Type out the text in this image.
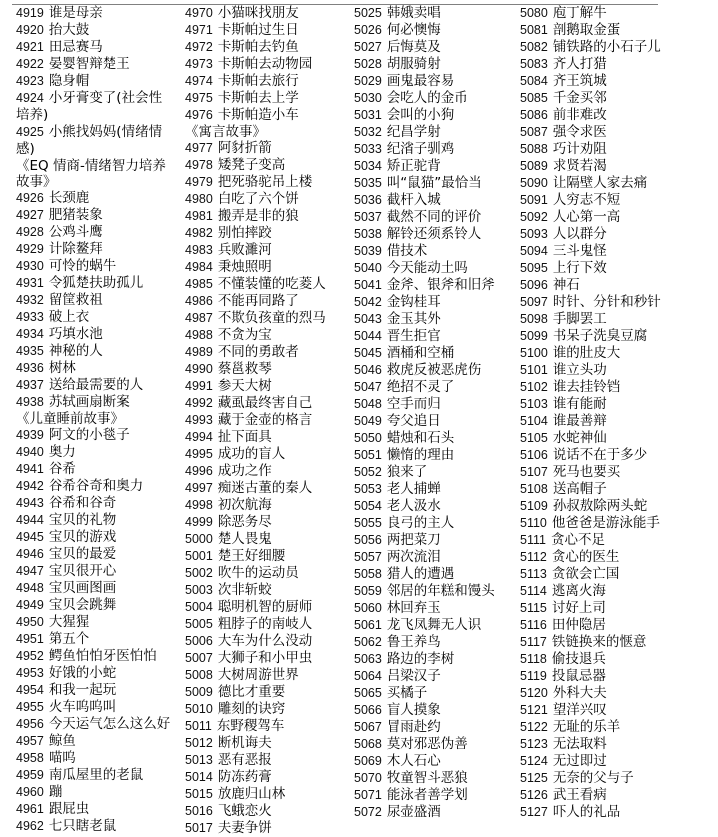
4919 谁是母亲

4920 抬大鼓

4921 田忌赛马

4922 晏婴智辩楚王

4923 隐身帽

4924 小牙膏变了(社会性培养)

4925 小熊找妈妈(情绪情感)

《EQ 情商-情绪智力培养故事》

4926 长颈鹿

4927 肥猪装象

4928 公鸡斗鹰

4929 计除鳌拜

4930 可怜的蜗牛

4931 令狐楚扶助孤儿

4932 留筐救祖

4933 破上衣

4934 巧填水池

4935 神秘的人

4936 树林

4937 送给最需要的人

4938 苏轼画扇断案

《儿童睡前故事》

4939 阿文的小毯子

4940 奥力

4941 谷希

4942 谷希谷奇和奥力

4943 谷希和谷奇

4944 宝贝的礼物

4945 宝贝的游戏

4946 宝贝的最爱

4947 宝贝很开心

4948 宝贝画图画

4949 宝贝会跳舞

4950 大猩猩

4951 第五个

4952 鳄鱼怕怕牙医怕怕

4953 好饿的小蛇

4954 和我一起玩

4955 火车呜呜叫

4956 今天运气怎么这么好

4957 鲸鱼

4958 喵呜

4959 南瓜屋里的老鼠

4960 蹦

4961 跟屁虫

4962 七只瞎老鼠

4970 小猫咪找朋友

4971 卡斯帕过生日

4972 卡斯帕去钓鱼

4973 卡斯帕去动物园

4974 卡斯帕去旅行

4975 卡斯帕去上学

4976 卡斯帕造小车

《寓言故事》

4977 阿豺折箭

4978 矮凳子变高

4979 把死骆驼吊上楼

4980 白吃了六个饼

4981 搬弄是非的狼

4982 别怕摔跤

4983 兵败濉河

4984 秉烛照明

4985 不懂装懂的吃菱人

4986 不能再同路了

4987 不欺负孩童的烈马

4988 不贪为宝

4989 不同的勇敢者

4990 蔡邕救琴

4991 参天大树

4992 藏虱最终害自己

4993 藏于金壶的格言

4994 扯下面具

4995 成功的盲人

4996 成功之作

4997 痴迷古董的秦人

4998 初次航海

4999 除恶务尽

5000 楚人畏鬼

5001 楚王好细腰

5002 吹牛的运动员

5003 次非斩蛟

5004 聪明机智的厨师

5005 粗脖子的南岐人

5006 大车为什么没动

5007 大狮子和小甲虫

5008 大树周游世界

5009 德比才重要

5010 雕刻的诀窍

5011 东野稷驾车

5012 断机诲夫

5013 恶有恶报

5014 防冻药膏

5015 放鹿归山林

5016 飞蛾恋火

5017 夫妻争饼

5025 韩娥卖唱

5026 何必懊悔

5027 后悔莫及

5028 胡服骑射

5029 画鬼最容易

5030 会吃人的金币

5031 会叫的小狗

5032 纪昌学射

5033 纪渻子驯鸡

5034 矫正驼背

5035 叫“鼠猫”最恰当

5036 截杆入城

5037 截然不同的评价

5038 解铃还须系铃人

5039 借技术

5040 今天能动土吗

5041 金斧、银斧和旧斧

5042 金钩桂耳

5043 金玉其外

5044 晋生拒官

5045 酒桶和空桶

5046 救虎反被恶虎伤

5047 绝招不灵了

5048 空手而归

5049 夸父追日

5050 蜡烛和石头

5051 懒惰的理由

5052 狼来了

5053 老人捕蝉

5054 老人汲水

5055 良弓的主人

5056 两把菜刀

5057 两次流泪

5058 猎人的遭遇

5059 邻居的年糕和馒头

5060 林回弃玉

5061 龙飞凤舞无人识

5062 鲁王养鸟

5063 路边的李树

5064 吕梁汉子

5065 买橘子

5066 盲人摸象

5067 冒雨赴约

5068 莫对邪恶伪善

5069 木人石心

5070 牧童智斗恶狼

5071 能泳者善学划

5072 尿壶盛酒

5080 庖丁解牛

5081 剖鹅取金蛋

5082 铺铁路的小石子儿

5083 齐人打猎

5084 齐王筑城

5085 千金买邻

5086 前非难改

5087 强令求医

5088 巧计劝阻

5089 求贤若渴

5090 让隔壁人家去痛

5091 人穷志不短

5092 人心第一高

5093 人以群分

5094 三斗鬼怪

5095 上行下效

5096 神石

5097 时针、分针和秒针

5098 手脚罢工

5099 书呆子洗臭豆腐

5100 谁的肚皮大

5101 谁立头功

5102 谁去挂铃铛

5103 谁有能耐

5104 谁最善辩

5105 水蛇神仙

5106 说话不在于多少

5107 死马也要买

5108 送高帽子

5109 孙叔敖除两头蛇

5110 他爸爸是游泳能手

5111 贪心不足

5112 贪心的医生

5113 贪欲会亡国

5114 逃离火海

5115 讨好上司

5116 田仲隐居

5117 铁链换来的惬意

5118 偷技退兵

5119 投鼠忌器

5120 外科大夫

5121 望洋兴叹

5122 无耻的乐羊

5123 无法取料

5124 无过即过

5125 无奈的父与子

5126 武王看病

5127 吓人的礼品
